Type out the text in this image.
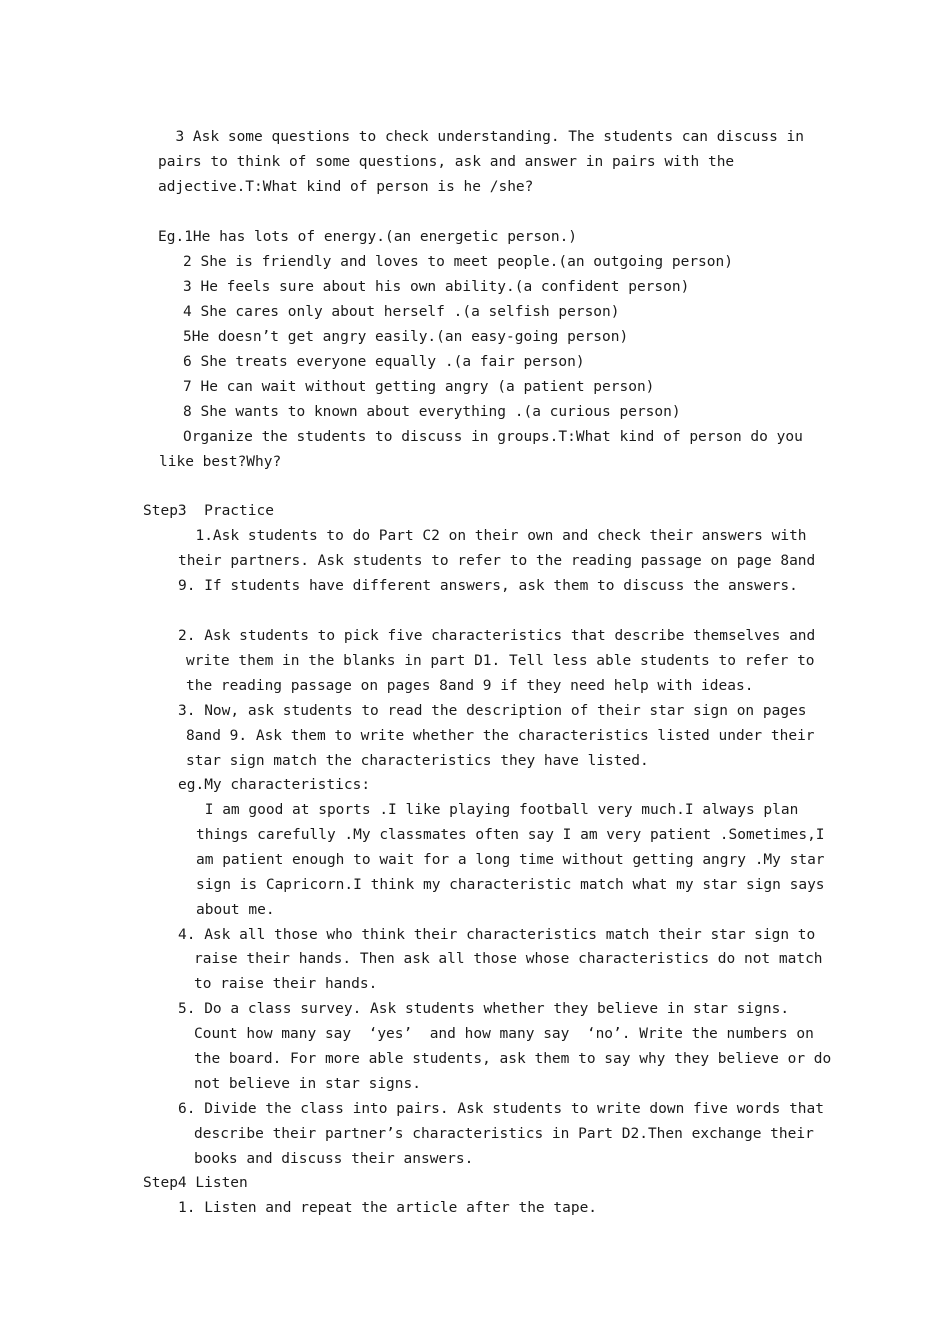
3 Ask some questions to check understanding. The students can discuss in
pairs to think of some questions, ask and answer in pairs with the
adjective.T:What kind of person is he /she?
Eg.1He has lots of energy.(an energetic person.)
2 She is friendly and loves to meet people.(an outgoing person)
3 He feels sure about his own ability.(a confident person)
4 She cares only about herself .(a selfish person)
5He doesn’t get angry easily.(an easy-going person)
6 She treats everyone equally .(a fair person)
7 He can wait without getting angry (a patient person)
8 She wants to known about everything .(a curious person)
Organize the students to discuss in groups.T:What kind of person do you
like best?Why?
Step3  Practice
1.Ask students to do Part C2 on their own and check their answers with
their partners. Ask students to refer to the reading passage on page 8and
9. If students have different answers, ask them to discuss the answers.
2. Ask students to pick five characteristics that describe themselves and
write them in the blanks in part D1. Tell less able students to refer to
the reading passage on pages 8and 9 if they need help with ideas.
3. Now, ask students to read the description of their star sign on pages
8and 9. Ask them to write whether the characteristics listed under their
star sign match the characteristics they have listed.
eg.My characteristics:
I am good at sports .I like playing football very much.I always plan
things carefully .My classmates often say I am very patient .Sometimes,I
am patient enough to wait for a long time without getting angry .My star
sign is Capricorn.I think my characteristic match what my star sign says
about me.
4. Ask all those who think their characteristics match their star sign to
raise their hands. Then ask all those whose characteristics do not match
to raise their hands.
5. Do a class survey. Ask students whether they believe in star signs.
Count how many say  ‘yes’  and how many say  ‘no’. Write the numbers on
the board. For more able students, ask them to say why they believe or do
not believe in star signs.
6. Divide the class into pairs. Ask students to write down five words that
describe their partner’s characteristics in Part D2.Then exchange their
books and discuss their answers.
Step4 Listen
1. Listen and repeat the article after the tape.
